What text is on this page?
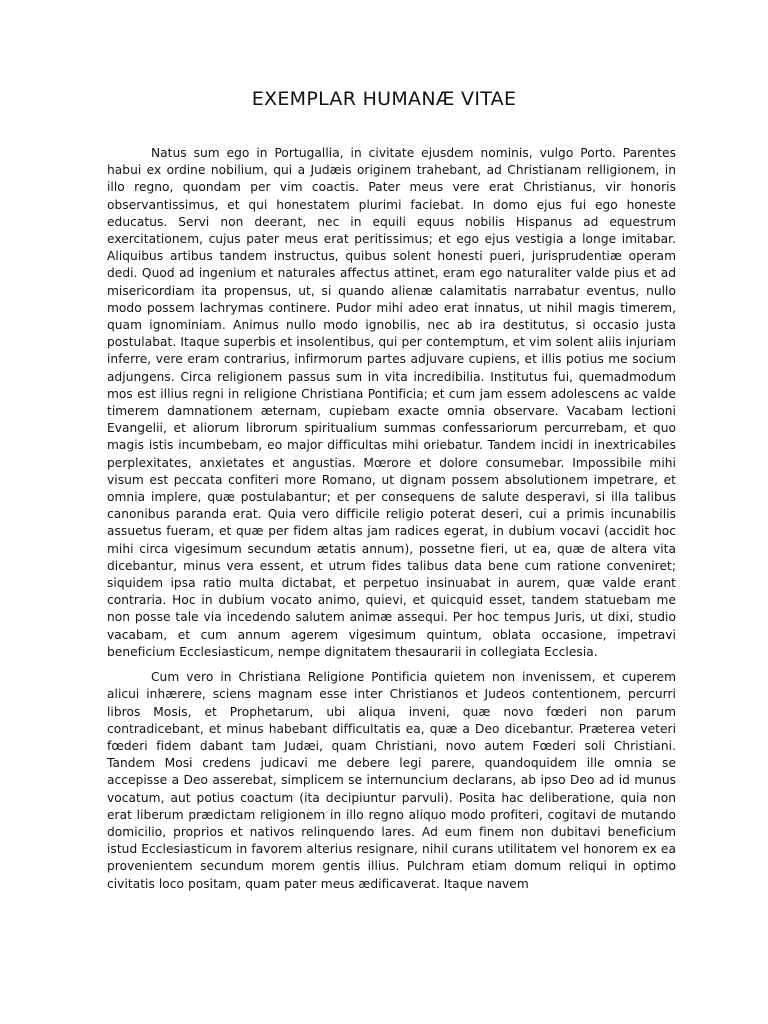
EXEMPLAR HUMANÆ VITAE

Natus sum ego in Portugallia, in civitate ejusdem nominis, vulgo Porto. Parentes habui ex ordine nobilium, qui a Judæis originem trahebant, ad Christianam relligionem, in illo regno, quondam per vim coactis. Pater meus vere erat Christianus, vir honoris observantissimus, et qui honestatem plurimi faciebat. In domo ejus fui ego honeste educatus. Servi non deerant, nec in equili equus nobilis Hispanus ad equestrum exercitationem, cujus pater meus erat peritissimus; et ego ejus vestigia a longe imitabar. Aliquibus artibus tandem instructus, quibus solent honesti pueri, jurisprudentiæ operam dedi. Quod ad ingenium et naturales affectus attinet, eram ego naturaliter valde pius et ad misericordiam ita propensus, ut, si quando alienæ calamitatis narrabatur eventus, nullo modo possem lachrymas continere. Pudor mihi adeo erat innatus, ut nihil magis timerem, quam ignominiam. Animus nullo modo ignobilis, nec ab ira destitutus, si occasio justa postulabat. Itaque superbis et insolentibus, qui per contemptum, et vim solent aliis injuriam inferre, vere eram contrarius, infirmorum partes adjuvare cupiens, et illis potius me socium adjungens. Circa religionem passus sum in vita incredibilia. Institutus fui, quemadmodum mos est illius regni in religione Christiana Pontificia; et cum jam essem adolescens ac valde timerem damnationem æternam, cupiebam exacte omnia observare. Vacabam lectioni Evangelii, et aliorum librorum spiritualium summas confessariorum percurrebam, et quo magis istis incumbebam, eo major difficultas mihi oriebatur. Tandem incidi in inextricabiles perplexitates, anxietates et angustias. Mœrore et dolore consumebar. Impossibile mihi visum est peccata confiteri more Romano, ut dignam possem absolutionem impetrare, et omnia implere, quæ postulabantur; et per consequens de salute desperavi, si illa talibus canonibus paranda erat. Quia vero difficile religio poterat deseri, cui a primis incunabilis assuetus fueram, et quæ per fidem altas jam radices egerat, in dubium vocavi (accidit hoc mihi circa vigesimum secundum ætatis annum), possetne fieri, ut ea, quæ de altera vita dicebantur, minus vera essent, et utrum fides talibus data bene cum ratione conveniret; siquidem ipsa ratio multa dictabat, et perpetuo insinuabat in aurem, quæ valde erant contraria. Hoc in dubium vocato animo, quievi, et quicquid esset, tandem statuebam me non posse tale via incedendo salutem animæ assequi. Per hoc tempus Juris, ut dixi, studio vacabam, et cum annum agerem vigesimum quintum, oblata occasione, impetravi beneficium Ecclesiasticum, nempe dignitatem thesaurarii in collegiata Ecclesia.

Cum vero in Christiana Religione Pontificia quietem non invenissem, et cuperem alicui inhærere, sciens magnam esse inter Christianos et Judeos contentionem, percurri libros Mosis, et Prophetarum, ubi aliqua inveni, quæ novo fœderi non parum contradicebant, et minus habebant difficultatis ea, quæ a Deo dicebantur. Præterea veteri fœderi fidem dabant tam Judæi, quam Christiani, novo autem Fœderi soli Christiani. Tandem Mosi credens judicavi me debere legi parere, quandoquidem ille omnia se accepisse a Deo asserebat, simplicem se internuncium declarans, ab ipso Deo ad id munus vocatum, aut potius coactum (ita decipiuntur parvuli). Posita hac deliberatione, quia non erat liberum prædictam religionem in illo regno aliquo modo profiteri, cogitavi de mutando domicilio, proprios et nativos relinquendo lares. Ad eum finem non dubitavi beneficium istud Ecclesiasticum in favorem alterius resignare, nihil curans utilitatem vel honorem ex ea provenientem secundum morem gentis illius. Pulchram etiam domum reliqui in optimo civitatis loco positam, quam pater meus ædificaverat. Itaque navem
